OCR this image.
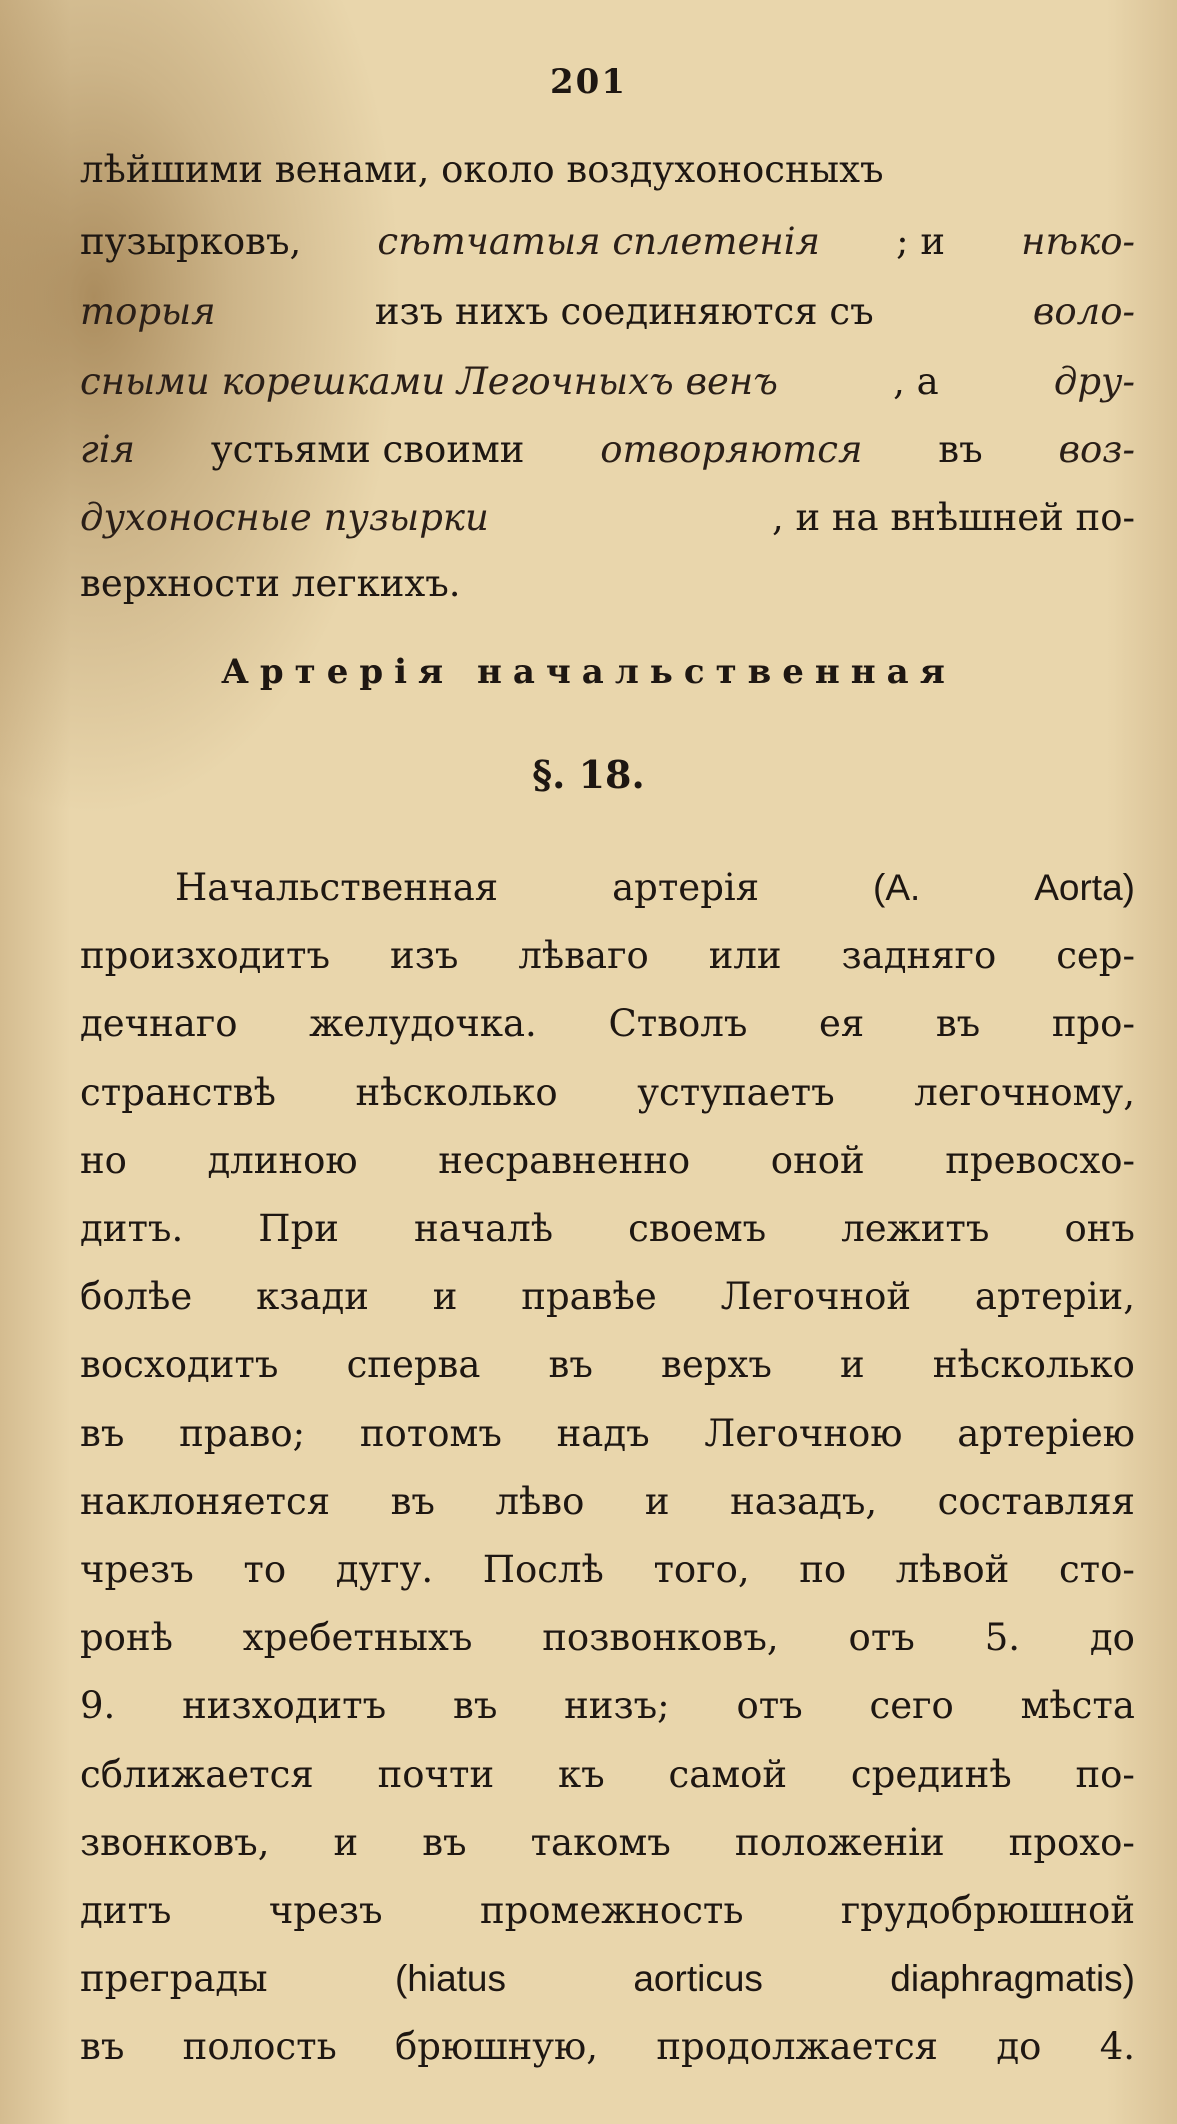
201
лѣйшими венами, около воздухоносныхъ
пузырковъ, сѣтчатыя сплетенія ; и нѣко-
торыя	изъ нихъ соединяются съ	воло-
сными корешками Легочныхъ венъ	, а	дру-
гія устьями своими отворяются въ воз-
духоносные пузырки	, и на внѣшней по-
верхности легкихъ.
Артерія начальственная
§. 18.
Начальственная	артерія	(A.	Aorta)
произходитъ изъ лѣваго или задняго сер-
дечнаго желудочка. Стволъ ея въ про-
странствѣ нѣсколько уступаетъ легочному,
но длиною несравненно оной превосхо-
дитъ. При началѣ своемъ лежитъ онъ
болѣе кзади и правѣе Легочной артеріи,
восходитъ сперва въ верхъ и нѣсколько
въ право; потомъ надъ Легочною артеріею
наклоняется въ лѣво и назадъ, составляя
чрезъ то дугу. Послѣ того, по лѣвой сто-
ронѣ хребетныхъ позвонковъ, отъ 5. до
9. низходитъ въ низъ; отъ сего мѣста
сближается почти къ самой срединѣ по-
звонковъ, и въ такомъ положеніи прохо-
дитъ	чрезъ	промежность	грудобрюшной
преграды	(hiatus	aorticus	diaphragmatis)
въ полость брюшную, продолжается до 4.
